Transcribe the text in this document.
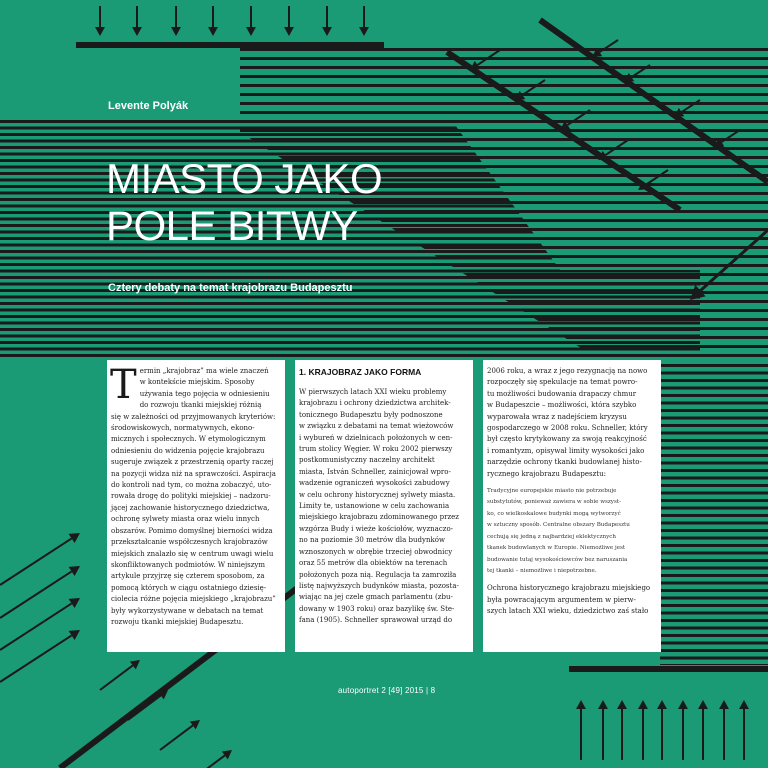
Levente Polyák

MIASTO JAKO
POLE BITWY

Cztery debaty na temat krajobrazu Budapesztu

T ermin „krajobraz” ma wiele znaczeń

w kontekście miejskim. Sposoby

używania tego pojęcia w odniesieniu

do rozwoju tkanki miejskiej różnią

się w zależności od przyjmowanych kryteriów:

środowiskowych, normatywnych, ekono-

micznych i społecznych. W etymologicznym

odniesieniu do widzenia pojęcie krajobrazu

sugeruje związek z przestrzenią oparty raczej

na pozycji widza niż na sprawczości. Aspiracja

do kontroli nad tym, co można zobaczyć, uto-

rowała drogę do polityki miejskiej – nadzoru-

jącej zachowanie historycznego dziedzictwa,

ochronę sylwety miasta oraz wielu innych

obszarów. Pomimo domyślnej bierności widza

przekształcanie współczesnych krajobrazów

miejskich znalazło się w centrum uwagi wielu

skonfliktowanych podmiotów. W niniejszym

artykule przyjrzę się czterem sposobom, za

pomocą których w ciągu ostatniego dziesię-

ciolecia różne pojęcia miejskiego „krajobrazu”

były wykorzystywane w debatach na temat

rozwoju tkanki miejskiej Budapesztu.

1. KRAJOBRAZ JAKO FORMA

W pierwszych latach XXI wieku problemy

krajobrazu i ochrony dziedzictwa architek-

tonicznego Budapesztu były podnoszone

w związku z debatami na temat wieżowców

i wybureń w dzielnicach położonych w cen-

trum stolicy Węgier. W roku 2002 pierwszy

postkomunistyczny naczelny architekt

miasta, István Schneller, zainicjował wpro-

wadzenie ograniczeń wysokości zabudowy

w celu ochrony historycznej sylwety miasta.

Limity te, ustanowione w celu zachowania

miejskiego krajobrazu zdominowanego przez

wzgórza Budy i wieże kościołów, wyznaczo-

no na poziomie 30 metrów dla budynków

wznoszonych w obrębie trzeciej obwodnicy

oraz 55 metrów dla obiektów na terenach

położonych poza nią. Regulacja ta zamroziła

listę najwyższych budynków miasta, pozosta-

wiając na jej czele gmach parlamentu (zbu-

dowany w 1903 roku) oraz bazylikę św. Ste-

fana (1905). Schneller sprawował urząd do

2006 roku, a wraz z jego rezygnacją na nowo

rozpoczęły się spekulacje na temat powro-

tu możliwości budowania drapaczy chmur

w Budapeszcie – możliwości, która szybko

wyparowała wraz z nadejściem kryzysu

gospodarczego w 2008 roku. Schneller, który

był często krytykowany za swoją reakcyjność

i romantyzm, opisywał limity wysokości jako

narzędzie ochrony tkanki budowlanej histo-

rycznego krajobrazu Budapesztu:

Tradycyjne europejskie miasto nie potrzebuje

substytutów, ponieważ zawiera w sobie wszyst-

ko, co wielkoskalowe budynki mogą wytworzyć

w sztuczny sposób. Centralne obszary Budapesztu

cechują się jedną z najbardziej eklektycznych

tkanek budowlanych w Europie. Niemożliwe jest

budowanie tutaj wysokościowców bez naruszania

tej tkanki – niemożliwe i niepotrzebne.

Ochrona historycznego krajobrazu miejskiego

była powracającym argumentem w pierw-

szych latach XXI wieku, dziedzictwo zaś stało

autoportret 2 [49] 2015 | 8
